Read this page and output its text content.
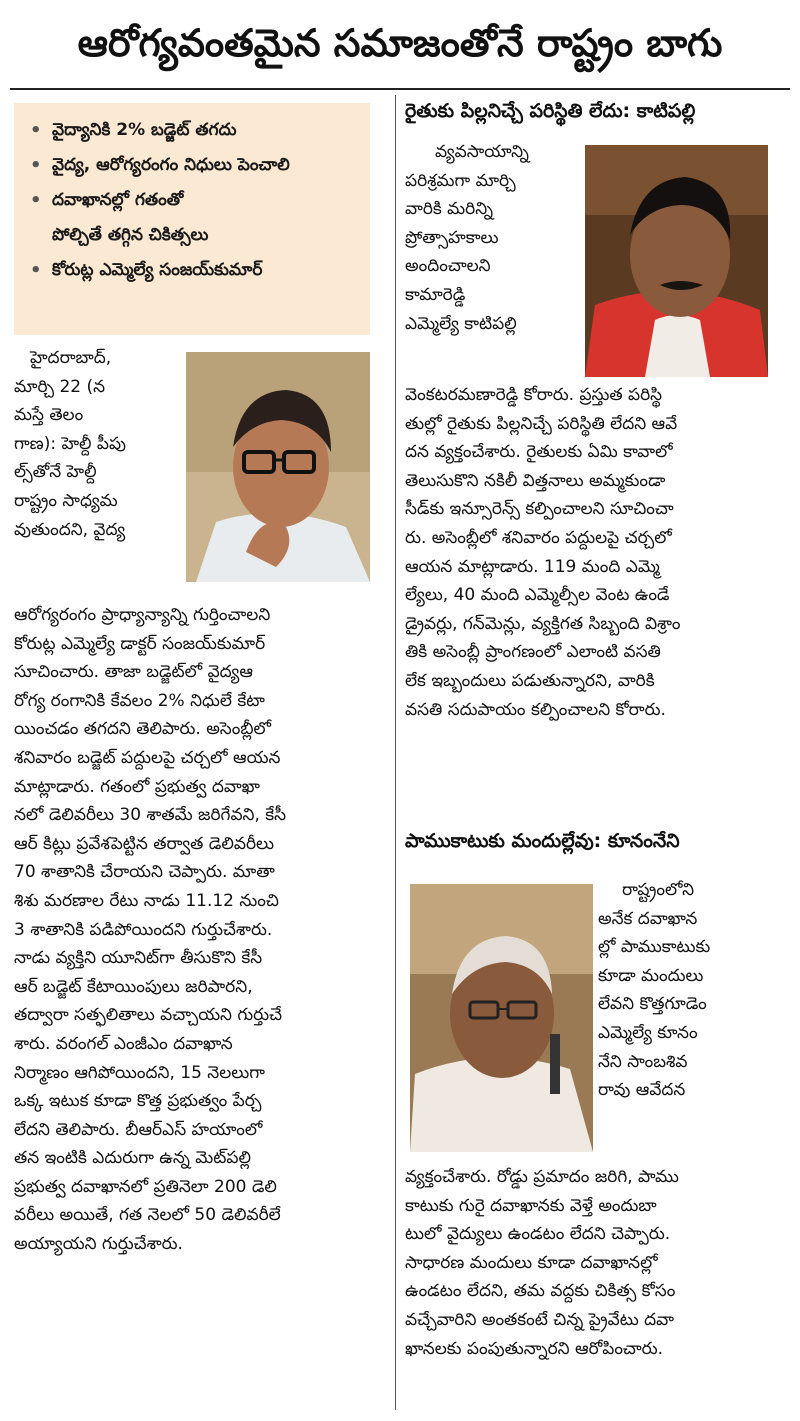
ఆరోగ్యవంతమైన సమాజంతోనే రాష్ట్రం బాగు
• వైద్యానికి 2% బడ్జెట్ తగదు
• వైద్య, ఆరోగ్యరంగం నిధులు పెంచాలి
• దవాఖానల్లో గతంతో
పోల్చితే తగ్గిన చికిత్సలు
• కోరుట్ల ఎమ్మెల్యే సంజయ్‌కుమార్
హైదరాబాద్,
మార్చి 22 (న
మస్తే తెలం
గాణ): హెల్దీ పీపు
ల్స్‌తోనే హెల్దీ
రాష్ట్రం సాధ్యమ
వుతుందని, వైద్య
ఆరోగ్యరంగం ప్రాధ్యాన్యాన్ని గుర్తించాలని
కోరుట్ల ఎమ్మెల్యే డాక్టర్ సంజయ్‌కుమార్
సూచించారు. తాజా బడ్జెట్‌లో వైద్యఆ
రోగ్య రంగానికి కేవలం 2% నిధులే కేటా
యించడం తగదని తెలిపారు. అసెంబ్లీలో
శనివారం బడ్జెట్ పద్దులపై చర్చలో ఆయన
మాట్లాడారు. గతంలో ప్రభుత్వ దవాఖా
నలో డెలివరీలు 30 శాతమే జరిగేవని, కేసీ
ఆర్ కిట్లు ప్రవేశపెట్టిన తర్వాత డెలివరీలు
70 శాతానికి చేరాయని చెప్పారు. మాతా
శిశు మరణాల రేటు నాడు 11.12 నుంచి
3 శాతానికి పడిపోయిందని గుర్తుచేశారు.
నాడు వ్యక్తిని యూనిట్‌గా తీసుకొని కేసీ
ఆర్ బడ్జెట్ కేటాయింపులు జరిపారని,
తద్వారా సత్ఫలితాలు వచ్చాయని గుర్తుచే
శారు. వరంగల్ ఎంజీఎం దవాఖాన
నిర్మాణం ఆగిపోయిందని, 15 నెలలుగా
ఒక్క ఇటుక కూడా కొత్త ప్రభుత్వం పేర్చ
లేదని తెలిపారు. బీఆర్ఎస్ హయాంలో
తన ఇంటికి ఎదురుగా ఉన్న మెట్‌పల్లి
ప్రభుత్వ దవాఖానలో ప్రతినెలా 200 డెలి
వరీలు అయితే, గత నెలలో 50 డెలివరీలే
అయ్యాయని గుర్తుచేశారు.
రైతుకు పిల్లనిచ్చే పరిస్థితి లేదు: కాటిపల్లి
వ్యవసాయాన్ని
పరిశ్రమగా మార్చి
వారికి మరిన్ని
ప్రోత్సాహకాలు
అందించాలని
కామారెడ్డి
ఎమ్మెల్యే కాటిపల్లి
వెంకటరమణారెడ్డి కోరారు. ప్రస్తుత పరిస్థి
తుల్లో రైతుకు పిల్లనిచ్చే పరిస్థితి లేదని ఆవే
దన వ్యక్తంచేశారు. రైతులకు ఏమి కావాలో
తెలుసుకొని నకిలీ విత్తనాలు అమ్మకుండా
సీడ్‌కు ఇన్సూరెన్స్ కల్పించాలని సూచించా
రు. అసెంబ్లీలో శనివారం పద్దులపై చర్చలో
ఆయన మాట్లాడారు. 119 మంది ఎమ్మె
ల్యేలు, 40 మంది ఎమ్మెల్సీల వెంట ఉండే
డ్రైవర్లు, గన్‌మెన్లు, వ్యక్తిగత సిబ్బంది విశ్రాం
తికి అసెంబ్లీ ప్రాంగణంలో ఎలాంటి వసతి
లేక ఇబ్బందులు పడుతున్నారని, వారికి
వసతి సదుపాయం కల్పించాలని కోరారు.
పాముకాటుకు మందుల్లేవు: కూనంనేని
రాష్ట్రంలోని
అనేక దవాఖాన
ల్లో పాముకాటుకు
కూడా మందులు
లేవని కొత్తగూడెం
ఎమ్మెల్యే కూనం
నేని సాంబశివ
రావు ఆవేదన
వ్యక్తంచేశారు. రోడ్డు ప్రమాదం జరిగి, పాము
కాటుకు గురై దవాఖానకు వెళ్తే అందుబా
టులో వైద్యులు ఉండటం లేదని చెప్పారు.
సాధారణ మందులు కూడా దవాఖానల్లో
ఉండటం లేదని, తమ వద్దకు చికిత్స కోసం
వచ్చేవారిని అంతకంటే చిన్న ప్రైవేటు దవా
ఖానలకు పంపుతున్నారని ఆరోపించారు.
